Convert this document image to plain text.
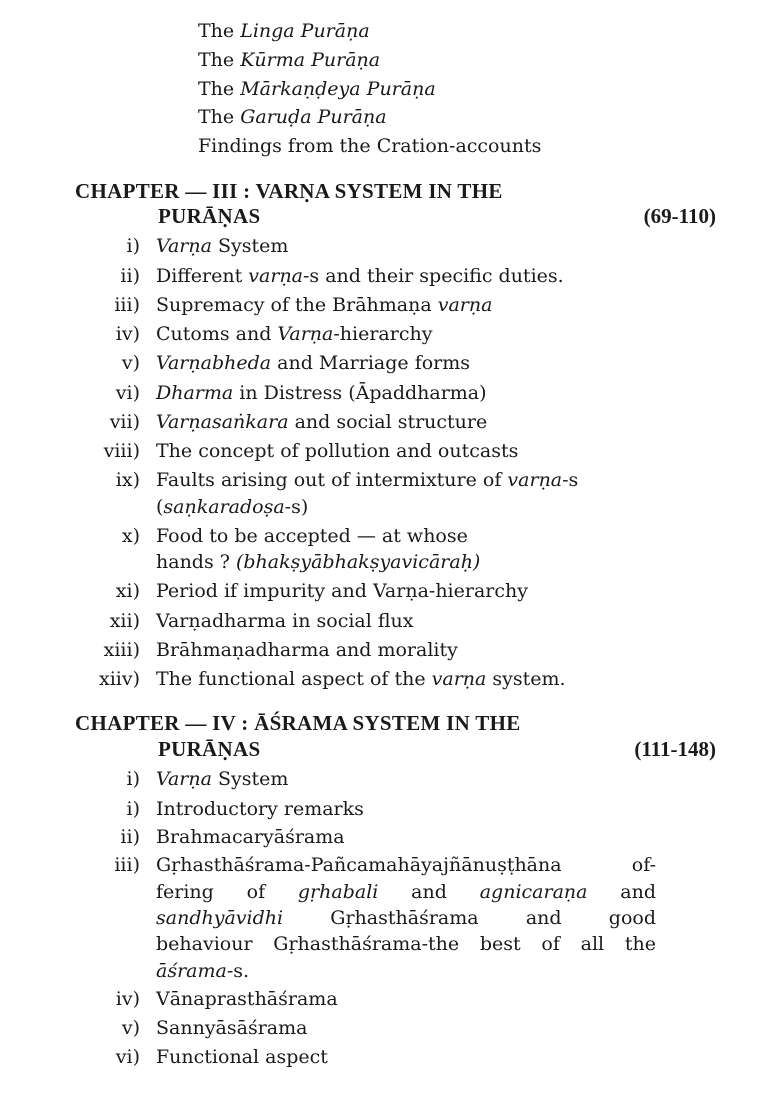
The Linga Purāṇa
The Kūrma Purāṇa
The Mārkaṇḍeya Purāṇa
The Garuḍa Purāṇa
Findings from the Cration-accounts
CHAPTER — III : VARṆA SYSTEM IN THE
PURĀṆAS	(69-110)
i) Varṇa System
ii) Different varṇa-s and their specific duties.
iii) Supremacy of the Brāhmaṇa varṇa
iv) Cutoms and Varṇa-hierarchy
v) Varṇabheda and Marriage forms
vi) Dharma in Distress (Āpaddharma)
vii) Varṇasaṅkara and social structure
viii) The concept of pollution and outcasts
ix) Faults arising out of intermixture of varṇa-s
(saṇkaradoṣa-s)
x) Food to be accepted — at whose
hands ? (bhakṣyābhakṣyavicāraḥ)
xi) Period if impurity and Varṇa-hierarchy
xii) Varṇadharma in social flux
xiii) Brāhmaṇadharma and morality
xiiv) The functional aspect of the varṇa system.
CHAPTER — IV : ĀŚRAMA SYSTEM IN THE
PURĀṆAS	(111-148)
i) Varṇa System
i) Introductory remarks
ii) Brahmacaryāśrama
iii) Gṛhasthāśrama-Pañcamahāyajñānuṣṭhāna of-
fering of gṛhabali and agnicaraṇa and
sandhyāvidhi Gṛhasthāśrama and good
behaviour Gṛhasthāśrama-the best of all the
āśrama-s.
iv) Vānaprasthāśrama
v) Sannyāsāśrama
vi) Functional aspect
